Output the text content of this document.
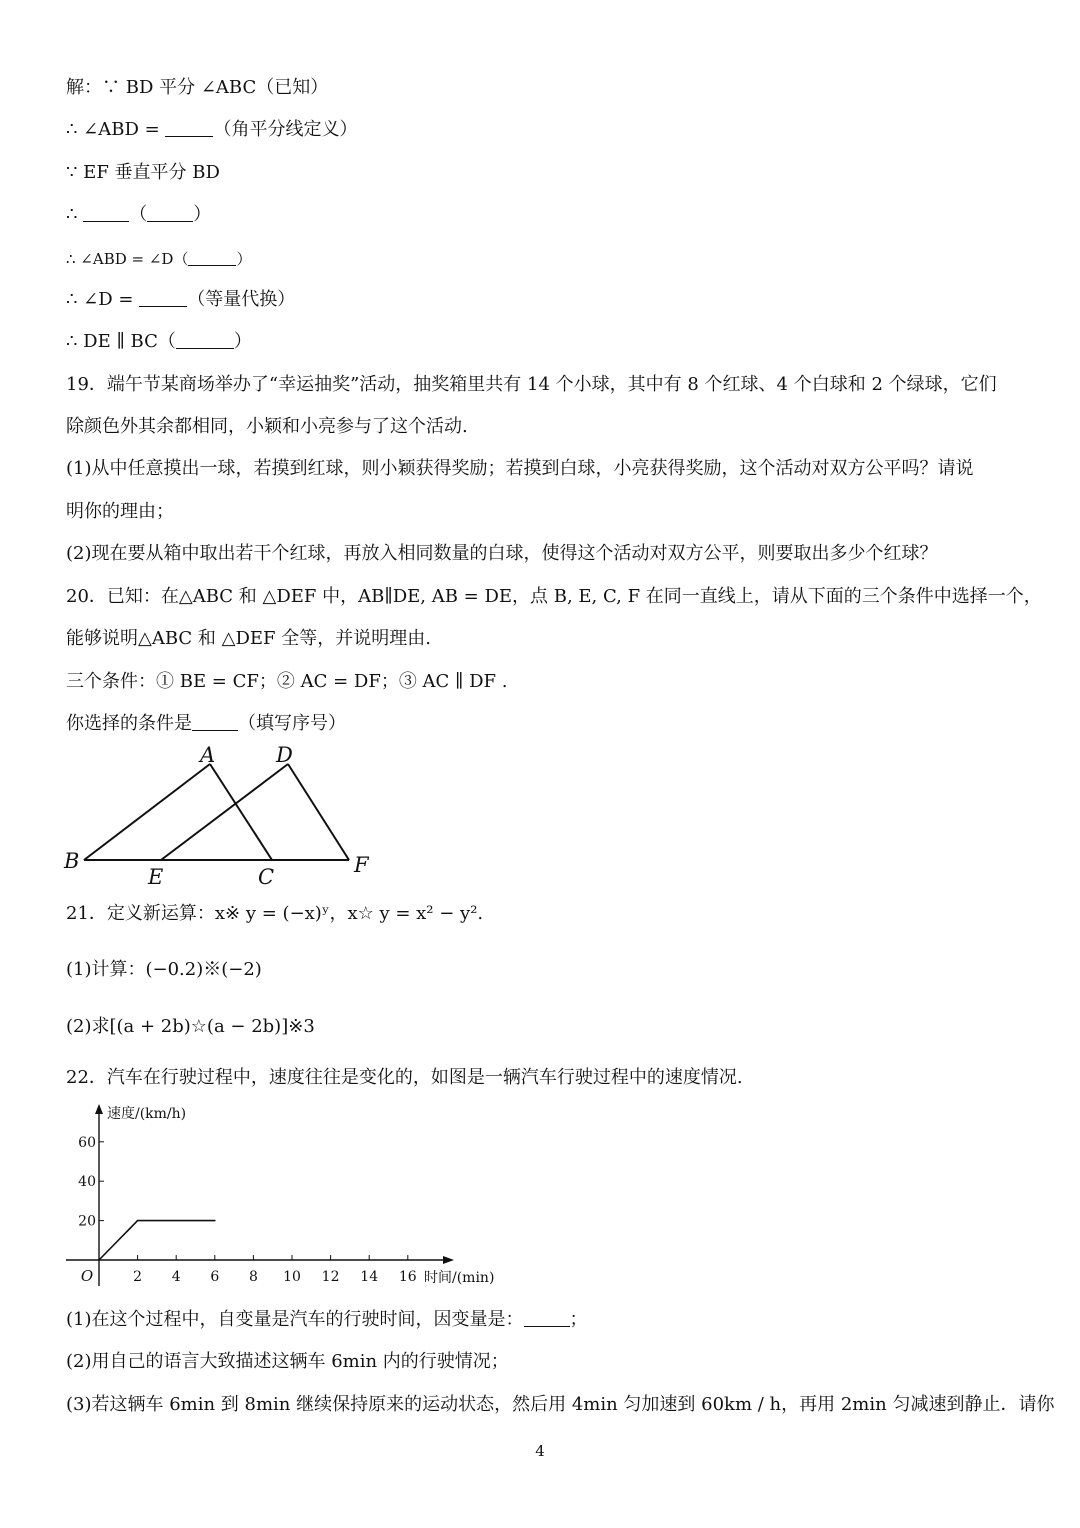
解：∵ BD 平分 ∠ABC（已知）
∴ ∠ABD =	（角平分线定义）
∵ EF 垂直平分 BD
∴	（	）
∴ ∠ABD = ∠D（	）
∴ ∠D =	（等量代换）
∴ DE ∥ BC（	）
19．端午节某商场举办了“幸运抽奖”活动，抽奖箱里共有 14 个小球，其中有 8 个红球、4 个白球和 2 个绿球，它们
除颜色外其余都相同，小颖和小亮参与了这个活动.
(1)从中任意摸出一球，若摸到红球，则小颖获得奖励；若摸到白球，小亮获得奖励，这个活动对双方公平吗？请说
明你的理由；
(2)现在要从箱中取出若干个红球，再放入相同数量的白球，使得这个活动对双方公平，则要取出多少个红球？
20．已知：在△ABC 和 △DEF 中，AB∥DE, AB = DE，点 B, E, C, F 在同一直线上，请从下面的三个条件中选择一个，
能够说明△ABC 和 △DEF 全等，并说明理由.
三个条件：① BE = CF；② AC = DF；③ AC ∥ DF .
你选择的条件是	（填写序号）
A	D
B
E	C	F
21．定义新运算：x※ y = (−x)ʸ，x☆ y = x² − y².
(1)计算：(−0.2)※(−2)
(2)求[(a + 2b)☆(a − 2b)]※3
22．汽车在行驶过程中，速度往往是变化的，如图是一辆汽车行驶过程中的速度情况.
2 4 6 8 10 12 14 16
20
40
60
O
速度/(km/h)
时间/(min)
(1)在这个过程中，自变量是汽车的行驶时间，因变量是：	；
(2)用自己的语言大致描述这辆车 6min 内的行驶情况；
(3)若这辆车 6min 到 8min 继续保持原来的运动状态，然后用 4min 匀加速到 60km / h，再用 2min 匀减速到静止．请你
4
